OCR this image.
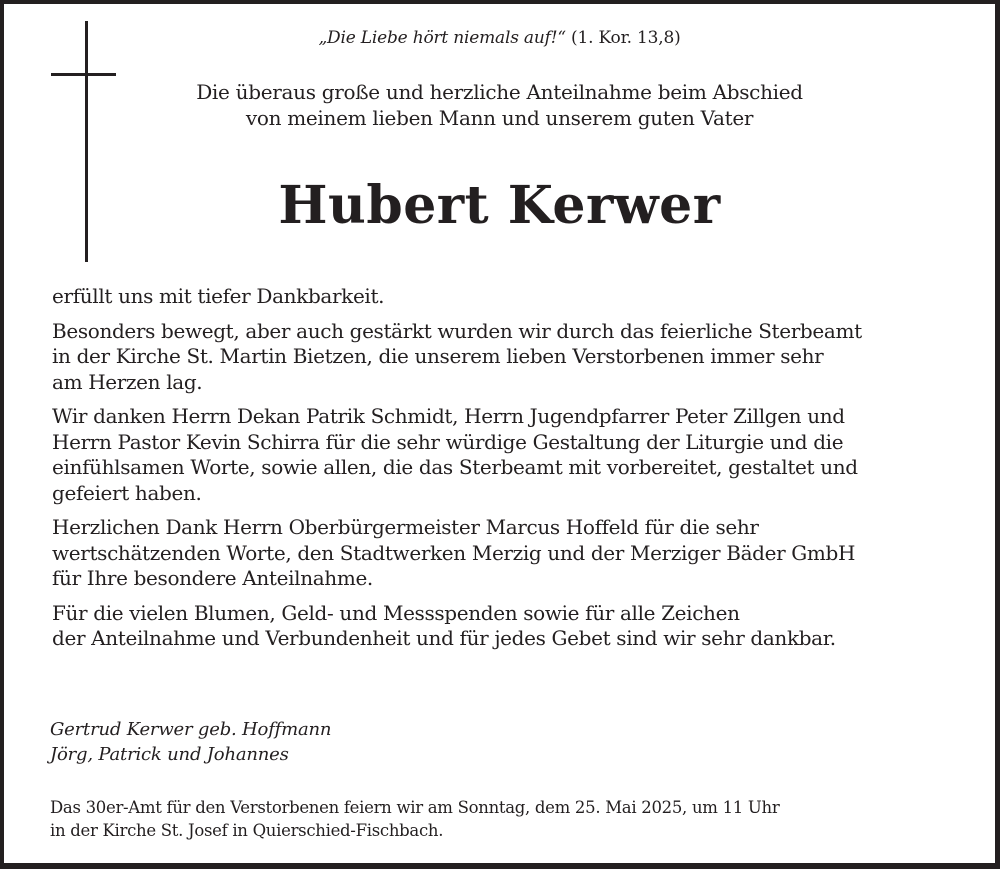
„Die Liebe hört niemals auf!“ (1. Kor. 13,8)
Die überaus große und herzliche Anteilnahme beim Abschied
von meinem lieben Mann und unserem guten Vater
Hubert Kerwer

erfüllt uns mit tiefer Dankbarkeit.

Besonders bewegt, aber auch gestärkt wurden wir durch das feierliche Sterbeamt
in der Kirche St. Martin Bietzen, die unserem lieben Verstorbenen immer sehr
am Herzen lag.

Wir danken Herrn Dekan Patrik Schmidt, Herrn Jugendpfarrer Peter Zillgen und
Herrn Pastor Kevin Schirra für die sehr würdige Gestaltung der Liturgie und die
einfühlsamen Worte, sowie allen, die das Sterbeamt mit vorbereitet, gestaltet und
gefeiert haben.

Herzlichen Dank Herrn Oberbürgermeister Marcus Hoffeld für die sehr
wertschätzenden Worte, den Stadtwerken Merzig und der Merziger Bäder GmbH
für Ihre besondere Anteilnahme.

Für die vielen Blumen, Geld- und Messspenden sowie für alle Zeichen
der Anteilnahme und Verbundenheit und für jedes Gebet sind wir sehr dankbar.

Gertrud Kerwer geb. Hoffmann
Jörg, Patrick und Johannes
Das 30er-Amt für den Verstorbenen feiern wir am Sonntag, dem 25. Mai 2025, um 11 Uhr
in der Kirche St. Josef in Quierschied-Fischbach.
